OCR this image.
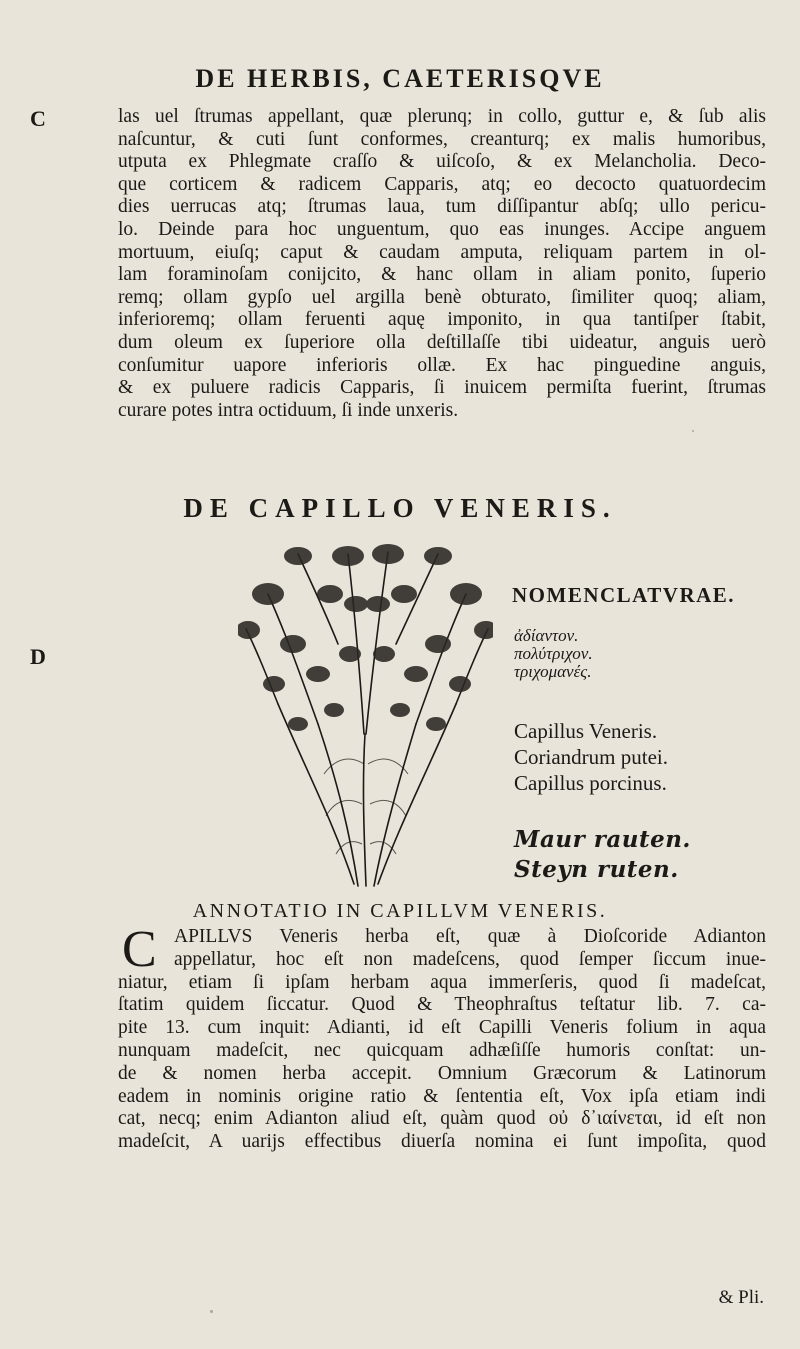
DE HERBIS, CAETERISQVE
C
D
las uel ſtrumas appellant, quæ plerunq; in collo, guttur e, & ſub alis
naſcuntur, & cuti ſunt conformes, creanturq; ex malis humoribus,
utputa ex Phlegmate craſſo & uiſcoſo, & ex Melancholia. Deco-
que corticem & radicem Capparis, atq; eo decocto quatuordecim
dies uerrucas atq; ſtrumas laua, tum diſſipantur abſq; ullo pericu-
lo. Deinde para hoc unguentum, quo eas inunges. Accipe anguem
mortuum, eiuſq; caput & caudam amputa, reliquam partem in ol-
lam foraminoſam conijcito, & hanc ollam in aliam ponito, ſuperio
remq; ollam gypſo uel argilla benè obturato, ſimiliter quoq; aliam,
inferioremq; ollam feruenti aquę imponito, in qua tantiſper ſtabit,
dum oleum ex ſuperiore olla deſtillaſſe tibi uideatur, anguis uerò
conſumitur uapore inferioris ollæ. Ex hac pinguedine anguis,
& ex puluere radicis Capparis, ſi inuicem permiſta fuerint, ſtrumas
curare potes intra octiduum, ſi inde unxeris.
DE CAPILLO VENERIS.
NOMENCLATVRAE.
ἀδίαντον.
πολύτριχον.
τριχομανές.
Capillus Veneris.
Coriandrum putei.
Capillus porcinus.
Maur rauten.
Steyn ruten.
ANNOTATIO IN CAPILLVM VENERIS.
C APILLVS Veneris herba eſt, quæ à Dioſcoride Adianton
appellatur, hoc eſt non madeſcens, quod ſemper ſiccum inue-
niatur, etiam ſi ipſam herbam aqua immerſeris, quod ſi madeſcat,
ſtatim quidem ſiccatur. Quod & Theophraſtus teſtatur lib. 7. ca-
pite 13. cum inquit: Adianti, id eſt Capilli Veneris folium in aqua
nunquam madeſcit, nec quicquam adhæſiſſe humoris conſtat: un-
de & nomen herba accepit. Omnium Græcorum & Latinorum
eadem in nominis origine ratio & ſententia eſt, Vox ipſa etiam indi
cat, necq; enim Adianton aliud eſt, quàm quod οὐ δ᾽ιαίνεται, id eſt non
madeſcit, A uarijs effectibus diuerſa nomina ei ſunt impoſita, quod
& Pli.
